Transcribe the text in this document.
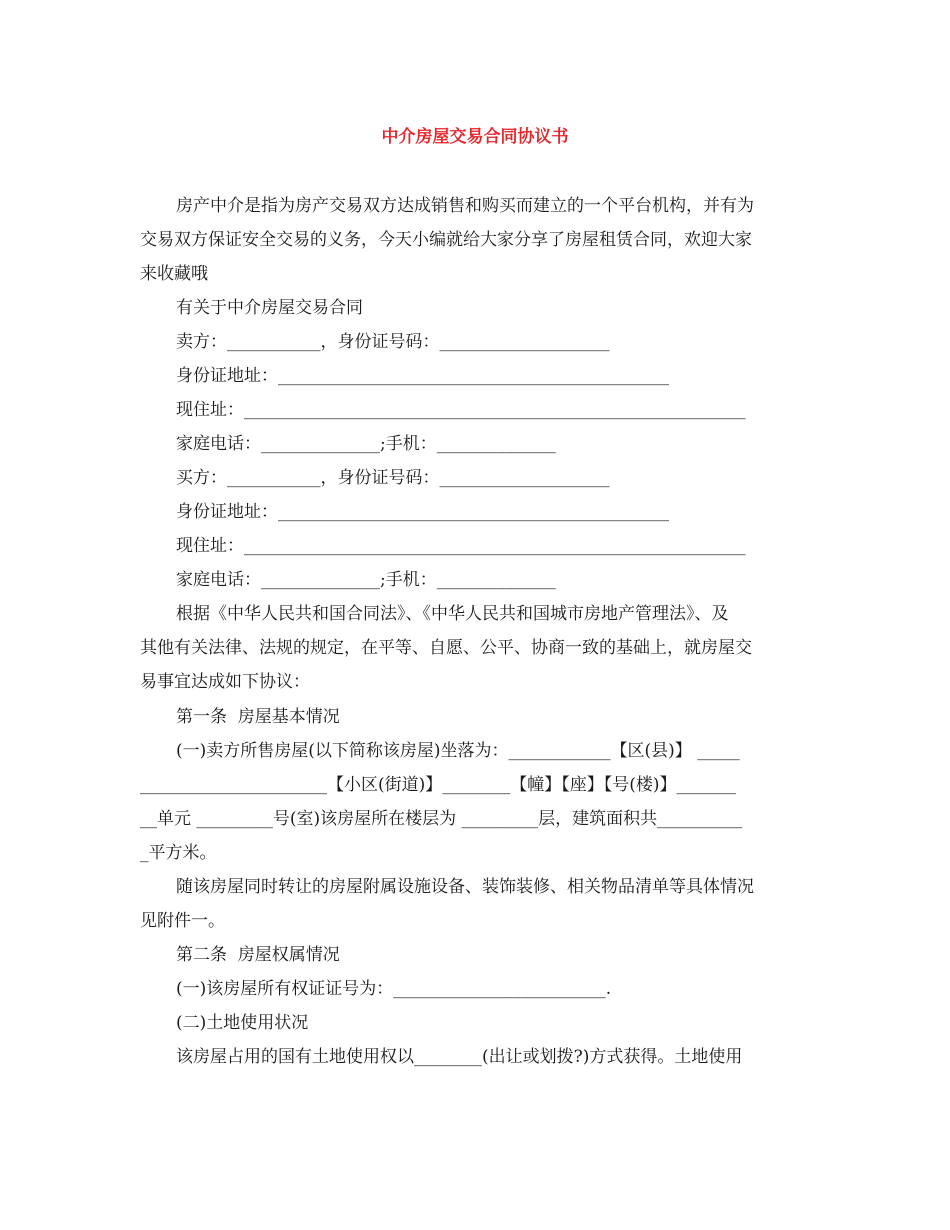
中介房屋交易合同协议书
房产中介是指为房产交易双方达成销售和购买而建立的一个平台机构，并有为
交易双方保证安全交易的义务，今天小编就给大家分享了房屋租赁合同，欢迎大家
来收藏哦
有关于中介房屋交易合同
卖方：___________，身份证号码：____________________
身份证地址：______________________________________________
现住址：___________________________________________________________
家庭电话：______________;手机：______________
买方：___________，身份证号码：____________________
身份证地址：______________________________________________
现住址：___________________________________________________________
家庭电话：______________;手机：______________
根据《中华人民共和国合同法》、《中华人民共和国城市房地产管理法》、及
其他有关法律、法规的规定，在平等、自愿、公平、协商一致的基础上，就房屋交
易事宜达成如下协议：
第一条  房屋基本情况
(一)卖方所售房屋(以下简称该房屋)坐落为：____________【区(县)】 _____
______________________【小区(街道)】________【幢】【座】【号(楼)】_______
__单元 _________号(室)该房屋所在楼层为 _________层，建筑面积共__________
_平方米。
随该房屋同时转让的房屋附属设施设备、装饰装修、相关物品清单等具体情况
见附件一。
第二条  房屋权属情况
(一)该房屋所有权证证号为：_________________________.
(二)土地使用状况
该房屋占用的国有土地使用权以________(出让或划拨?)方式获得。土地使用
